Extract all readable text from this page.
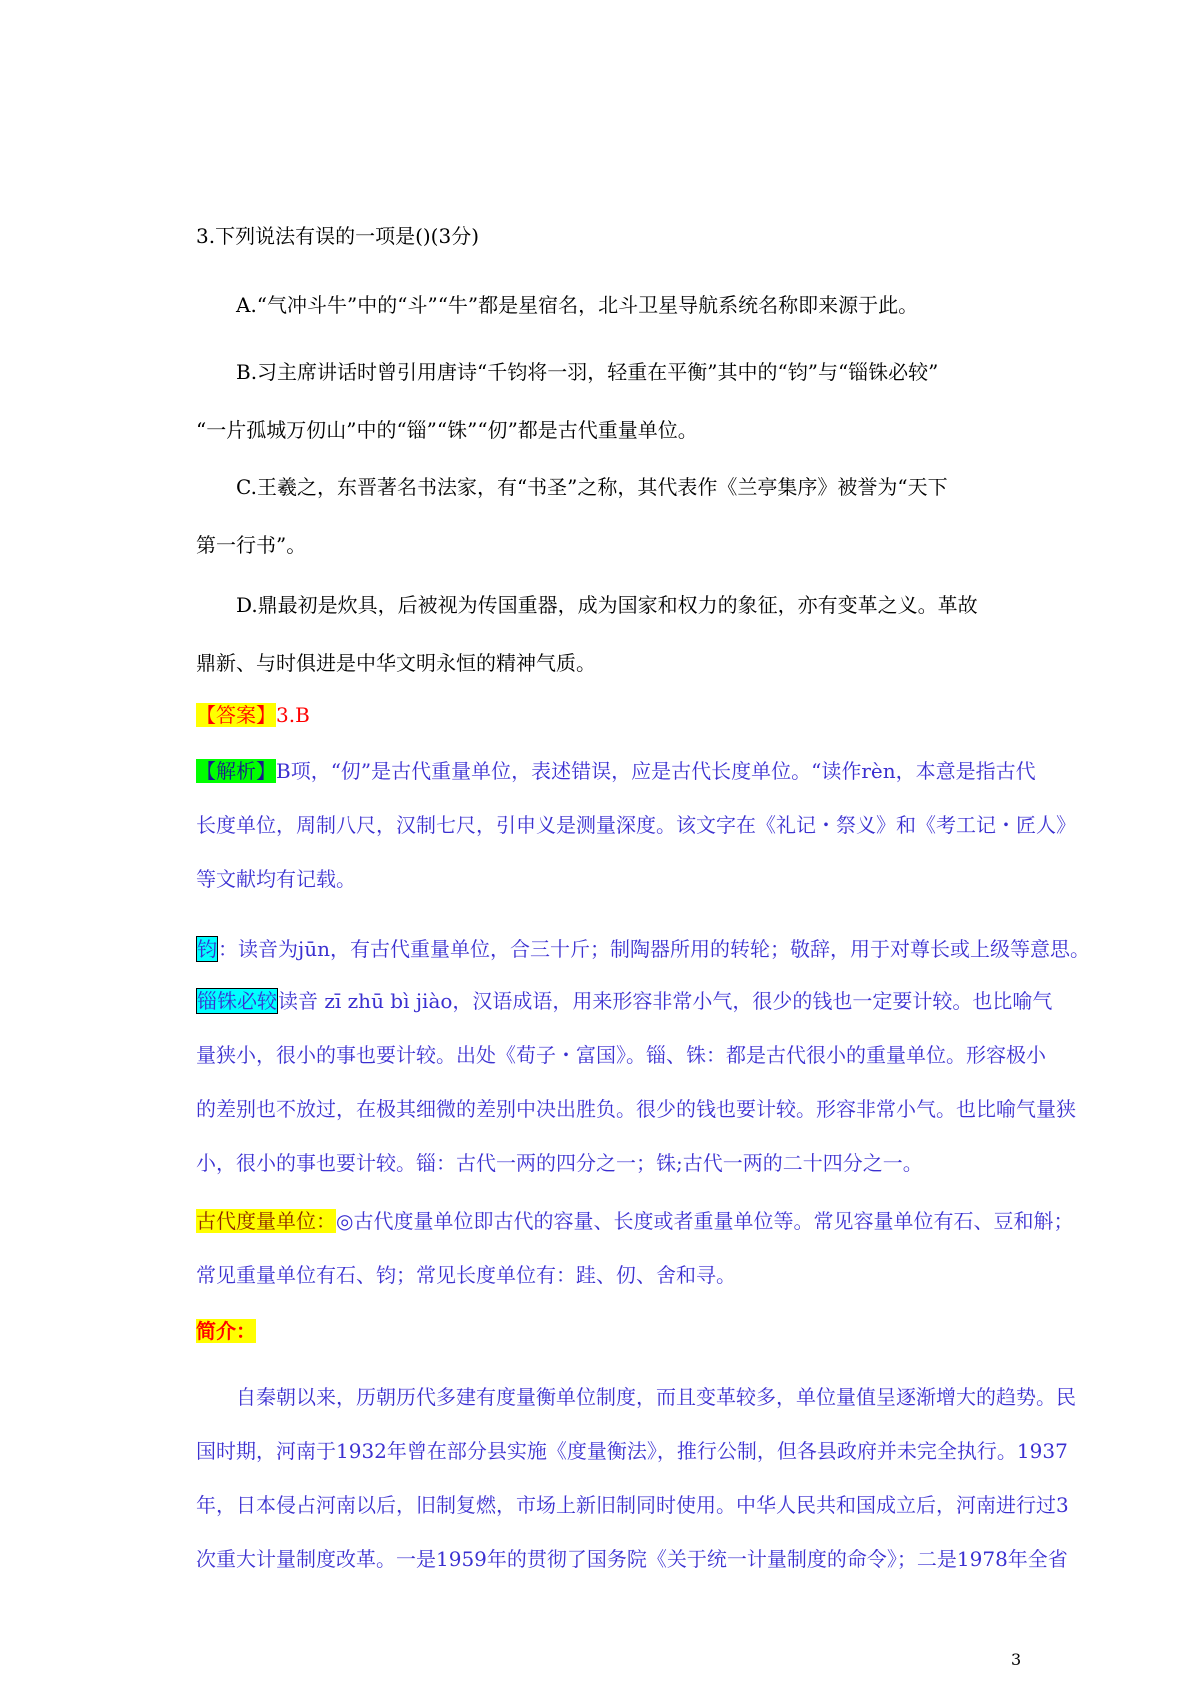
3.下列说法有误的一项是()(3分)
A.“气冲斗牛”中的“斗”“牛”都是星宿名，北斗卫星导航系统名称即来源于此。
B.习主席讲话时曾引用唐诗“千钧将一羽，轻重在平衡”其中的“钧”与“锱铢必较”
“一片孤城万仞山”中的“锱”“铢”“仞”都是古代重量单位。
C.王羲之，东晋著名书法家，有“书圣”之称，其代表作《兰亭集序》被誉为“天下
第一行书”。
D.鼎最初是炊具，后被视为传国重器，成为国家和权力的象征，亦有变革之义。革故
鼎新、与时俱进是中华文明永恒的精神气质。
【答案】3.B
【解析】B项，“仞”是古代重量单位，表述错误，应是古代长度单位。“读作rèn，本意是指古代
长度单位，周制八尺，汉制七尺，引申义是测量深度。该文字在《礼记・祭义》和《考工记・匠人》
等文献均有记载。
钧：读音为jūn，有古代重量单位，合三十斤；制陶器所用的转轮；敬辞，用于对尊长或上级等意思。
锱铢必较读音 zī zhū bì jiào，汉语成语，用来形容非常小气，很少的钱也一定要计较。也比喻气
量狭小，很小的事也要计较。出处《荀子・富国》。锱、铢：都是古代很小的重量单位。形容极小
的差别也不放过，在极其细微的差别中决出胜负。很少的钱也要计较。形容非常小气。也比喻气量狭
小，很小的事也要计较。锱：古代一两的四分之一；铢;古代一两的二十四分之一。
古代度量单位：◎古代度量单位即古代的容量、长度或者重量单位等。常见容量单位有石、豆和斛；
常见重量单位有石、钧；常见长度单位有：跬、仞、舍和寻。
简介：
自秦朝以来，历朝历代多建有度量衡单位制度，而且变革较多，单位量值呈逐渐增大的趋势。民
国时期，河南于1932年曾在部分县实施《度量衡法》，推行公制，但各县政府并未完全执行。1937
年，日本侵占河南以后，旧制复燃，市场上新旧制同时使用。中华人民共和国成立后，河南进行过3
次重大计量制度改革。一是1959年的贯彻了国务院《关于统一计量制度的命令》；二是1978年全省
3
